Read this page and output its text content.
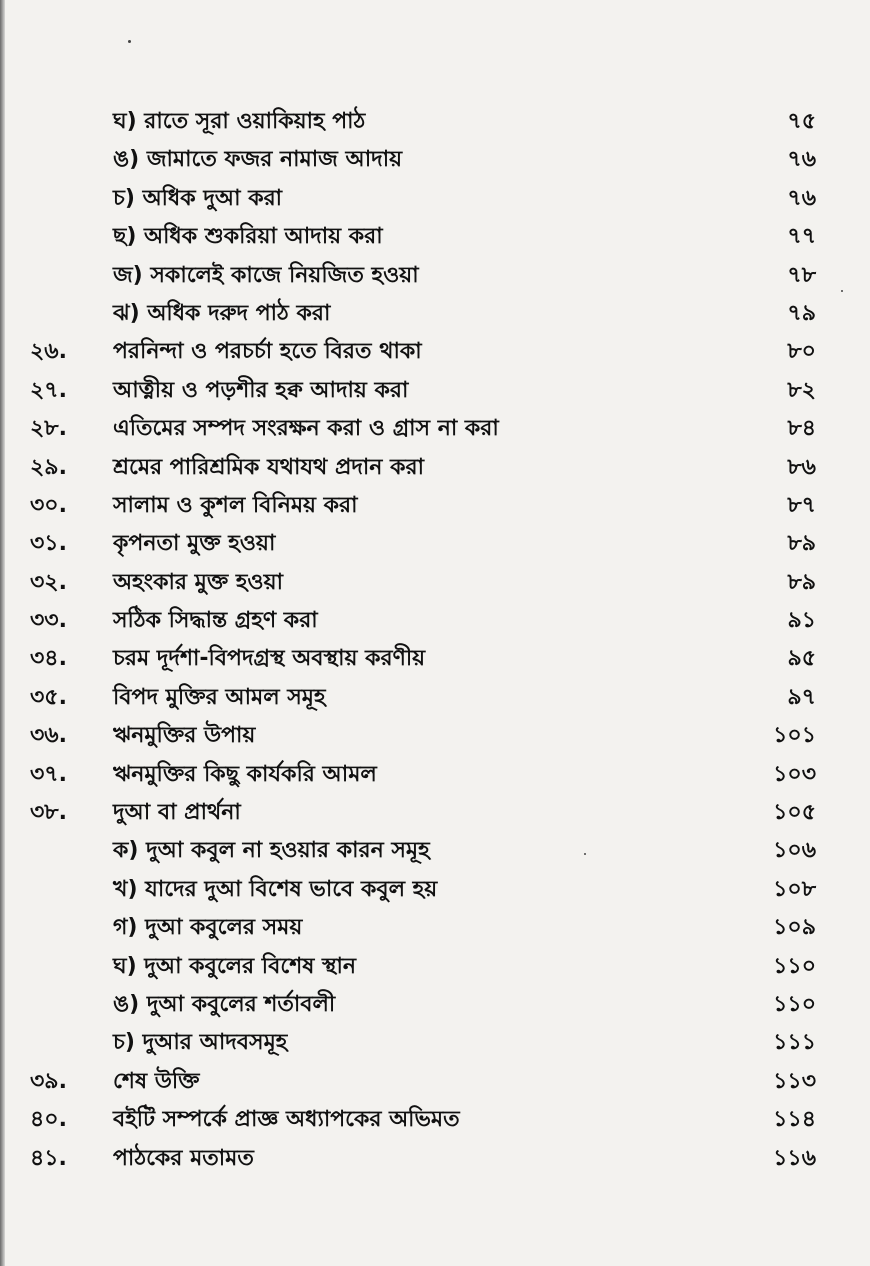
ঘ) রাতে সূরা ওয়াকিয়াহ পাঠ	৭৫
ঙ) জামাতে ফজর নামাজ আদায়	৭৬
চ) অধিক দুআ করা	৭৬
ছ) অধিক শুকরিয়া আদায় করা	৭৭
জ) সকালেই কাজে নিয়জিত হওয়া	৭৮
ঝ) অধিক দরুদ পাঠ করা	৭৯
২৬. পরনিন্দা ও পরচর্চা হতে বিরত থাকা	৮০
২৭. আত্নীয় ও পড়শীর হক্ব আদায় করা	৮২
২৮. এতিমের সম্পদ সংরক্ষন করা ও গ্রাস না করা	৮৪
২৯. শ্রমের পারিশ্রমিক যথাযথ প্রদান করা	৮৬
৩০. সালাম ও কুশল বিনিময় করা	৮৭
৩১. কৃপনতা মুক্ত হওয়া	৮৯
৩২. অহংকার মুক্ত হওয়া	৮৯
৩৩. সঠিক সিদ্ধান্ত গ্রহণ করা	৯১
৩৪. চরম দূর্দশা-বিপদগ্রস্থ অবস্থায় করণীয়	৯৫
৩৫. বিপদ মুক্তির আমল সমূহ	৯৭
৩৬. ঋনমুক্তির উপায়	১০১
৩৭. ঋনমুক্তির কিছু কার্যকরি আমল	১০৩
৩৮. দুআ বা প্রার্থনা	১০৫
ক) দুআ কবুল না হওয়ার কারন সমূহ	১০৬
খ) যাদের দুআ বিশেষ ভাবে কবুল হয়	১০৮
গ) দুআ কবুলের সময়	১০৯
ঘ) দুআ কবুলের বিশেষ স্থান	১১০
ঙ) দুআ কবুলের শর্তাবলী	১১০
চ) দুআর আদবসমূহ	১১১
৩৯. শেষ উক্তি	১১৩
৪০. বইটি সম্পর্কে প্রাজ্ঞ অধ্যাপকের অভিমত	১১৪
৪১. পাঠকের মতামত	১১৬
